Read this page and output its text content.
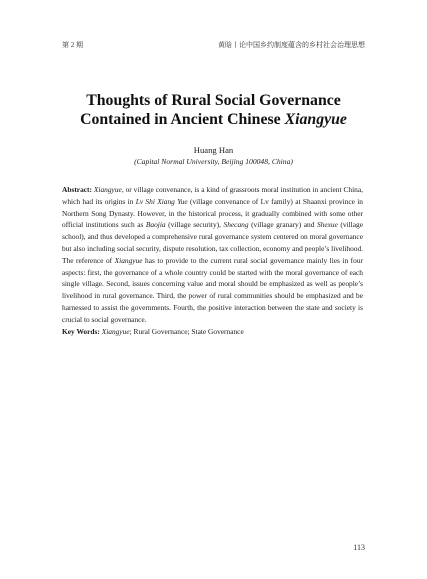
第 2 期	黄晗丨论中国乡约制度蕴含的乡村社会治理思想
Thoughts of Rural Social Governance Contained in Ancient Chinese Xiangyue
Huang Han
(Capital Normal University, Beijing 100048, China)

Abstract: Xiangyue, or village convenance, is a kind of grassroots moral institution in ancient China, which had its origins in Lv Shi Xiang Yue (village convenance of Lv family) at Shaanxi province in Northern Song Dynasty. However, in the historical process, it gradually combined with some other official institutions such as Baojia (village security), Shecang (village granary) and Shexue (village school), and thus developed a comprehensive rural governance system centered on moral governance but also including social security, dispute resolution, tax collection, economy and people’s livelihood. The reference of Xiangyue has to provide to the current rural social governance mainly lies in four aspects: first, the governance of a whole country could be started with the moral governance of each single village. Second, issues concerning value and moral should be emphasized as well as people’s livelihood in rural governance. Third, the power of rural communities should be emphasized and be harnessed to assist the governments. Fourth, the positive interaction between the state and society is crucial to social governance.

Key Words: Xiangyue; Rural Governance; State Governance

113
